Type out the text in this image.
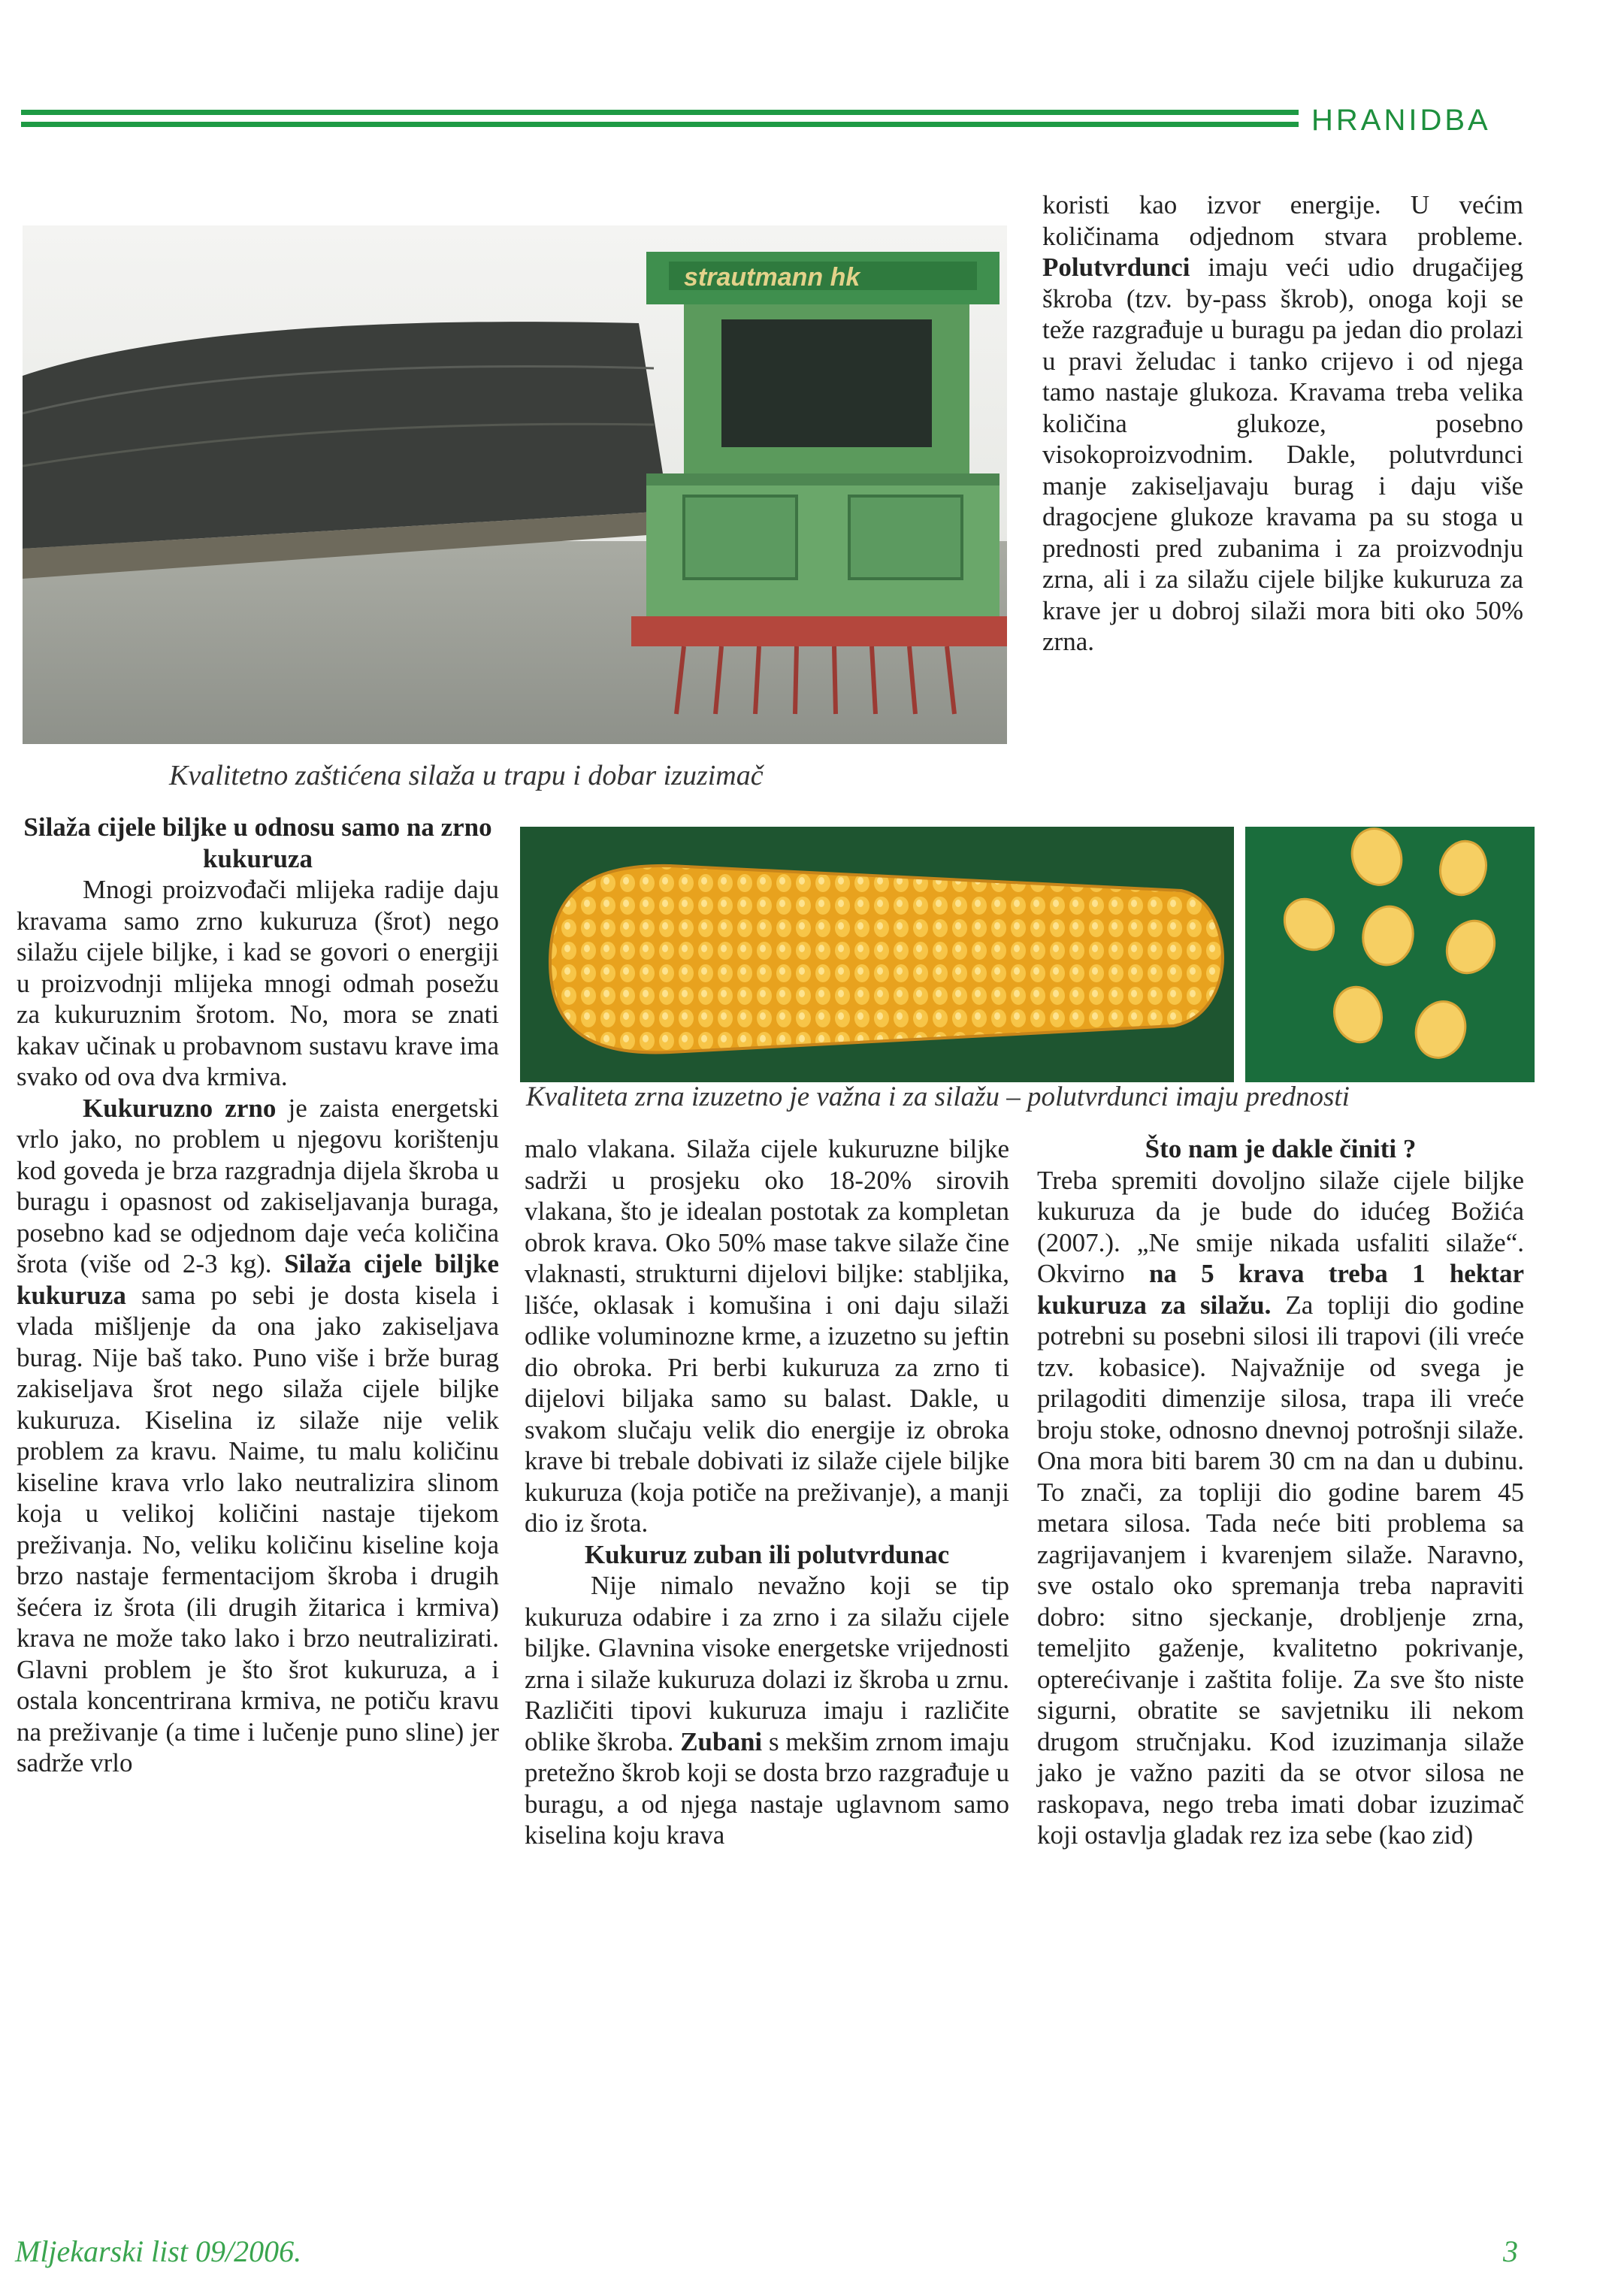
HRANIDBA
strautmann hk
Kvalitetno zaštićena silaža u trapu i dobar izuzimač

koristi kao izvor energije. U većim količinama odjednom stvara probleme. Polutvrdunci imaju veći udio drugačijeg škroba (tzv. by-pass škrob), onoga koji se teže razgrađuje u buragu pa jedan dio prolazi u pravi želudac i tanko crijevo i od njega tamo nastaje glukoza. Kravama treba velika količina glukoze, posebno visokoproizvodnim. Dakle, polutvrdunci manje zakiseljavaju burag i daju više dragocjene glukoze kravama pa su stoga u prednosti pred zubanima i za proizvodnju zrna, ali i za silažu cijele biljke kukuruza za krave jer u dobroj silaži mora biti oko 50% zrna.

Kvaliteta zrna izuzetno je važna i za silažu – polutvrdunci imaju prednosti
Silaža cijele biljke u odnosu samo na zrno kukuruza

Mnogi proizvođači mlijeka radije daju kravama samo zrno kukuruza (šrot) nego silažu cijele biljke, i kad se govori o energiji u proizvodnji mlijeka mnogi odmah posežu za kukuruznim šrotom. No, mora se znati kakav učinak u probavnom sustavu krave ima svako od ova dva krmiva.

Kukuruzno zrno je zaista energetski vrlo jako, no problem u njegovu korištenju kod goveda je brza razgradnja dijela škroba u buragu i opasnost od zakiseljavanja buraga, posebno kad se odjednom daje veća količina šrota (više od 2-3 kg). Silaža cijele biljke kukuruza sama po sebi je dosta kisela i vlada mišljenje da ona jako zakiseljava burag. Nije baš tako. Puno više i brže burag zakiseljava šrot nego silaža cijele biljke kukuruza. Kiselina iz silaže nije velik problem za kravu. Naime, tu malu količinu kiseline krava vrlo lako neutralizira slinom koja u velikoj količini nastaje tijekom preživanja. No, veliku količinu kiseline koja brzo nastaje fermentacijom škroba i drugih šećera iz šrota (ili drugih žitarica i krmiva) krava ne može tako lako i brzo neutralizirati. Glavni problem je što šrot kukuruza, a i ostala koncentrirana krmiva, ne potiču kravu na preživanje (a time i lučenje puno sline) jer sadrže vrlo

malo vlakana. Silaža cijele kukuruzne biljke sadrži u prosjeku oko 18-20% sirovih vlakana, što je idealan postotak za kompletan obrok krava. Oko 50% mase takve silaže čine vlaknasti, strukturni dijelovi biljke: stabljika, lišće, oklasak i komušina i oni daju silaži odlike voluminozne krme, a izuzetno su jeftin dio obroka. Pri berbi kukuruza za zrno ti dijelovi biljaka samo su balast. Dakle, u svakom slučaju velik dio energije iz obroka krave bi trebale dobivati iz silaže cijele biljke kukuruza (koja potiče na preživanje), a manji dio iz šrota.

Kukuruz zuban ili polutvrdunac

Nije nimalo nevažno koji se tip kukuruza odabire i za zrno i za silažu cijele biljke. Glavnina visoke energetske vrijednosti zrna i silaže kukuruza dolazi iz škroba u zrnu. Različiti tipovi kukuruza imaju i različite oblike škroba. Zubani s mekšim zrnom imaju pretežno škrob koji se dosta brzo razgrađuje u buragu, a od njega nastaje uglavnom samo kiselina koju krava

Što nam je dakle činiti ?

Treba spremiti dovoljno silaže cijele biljke kukuruza da je bude do idućeg Božića (2007.). „Ne smije nikada usfaliti silaže“. Okvirno na 5 krava treba 1 hektar kukuruza za silažu. Za topliji dio godine potrebni su posebni silosi ili trapovi (ili vreće tzv. kobasice). Najvažnije od svega je prilagoditi dimenzije silosa, trapa ili vreće broju stoke, odnosno dnevnoj potrošnji silaže. Ona mora biti barem 30 cm na dan u dubinu. To znači, za topliji dio godine barem 45 metara silosa. Tada neće biti problema sa zagrijavanjem i kvarenjem silaže. Naravno, sve ostalo oko spremanja treba napraviti dobro: sitno sjeckanje, drobljenje zrna, temeljito gaženje, kvalitetno pokrivanje, opterećivanje i zaštita folije. Za sve što niste sigurni, obratite se savjetniku ili nekom drugom stručnjaku. Kod izuzimanja silaže jako je važno paziti da se otvor silosa ne raskopava, nego treba imati dobar izuzimač koji ostavlja gladak rez iza sebe (kao zid)

Mljekarski list 09/2006.	3
